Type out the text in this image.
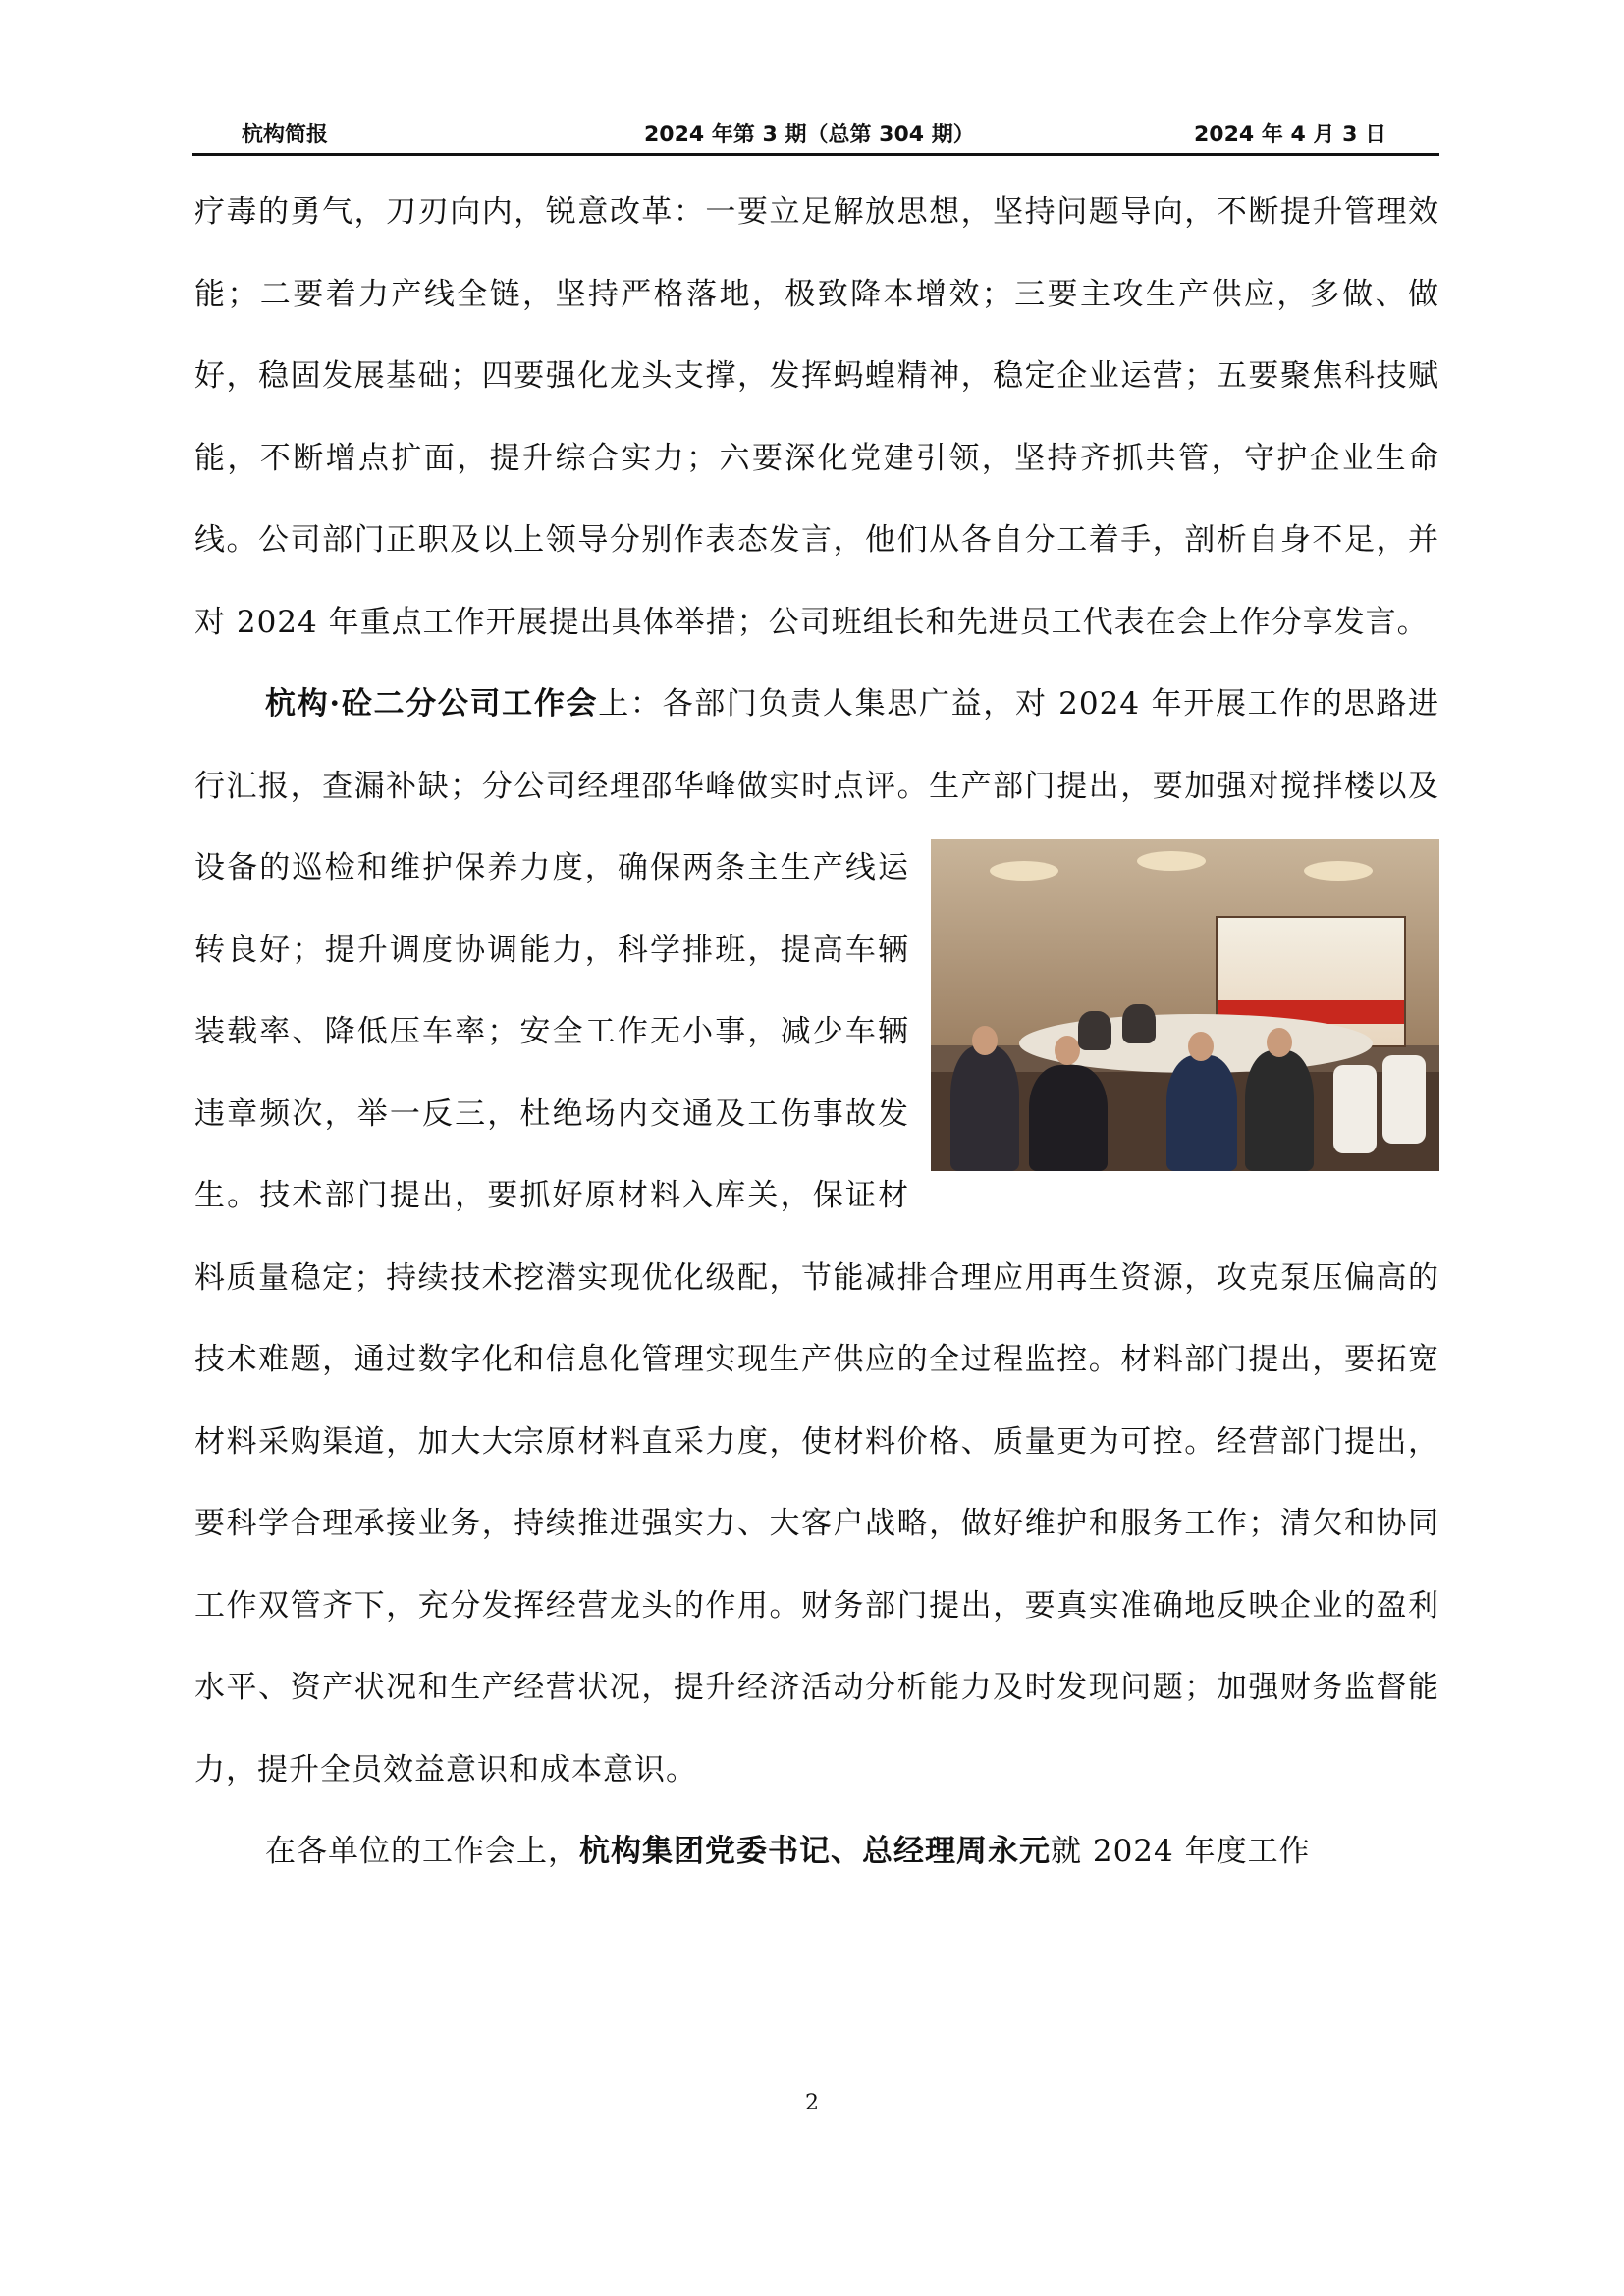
杭构简报	2024 年第 3 期（总第 304 期）	2024 年 4 月 3 日

疗毒的勇气，刀刃向内，锐意改革：一要立足解放思想，坚持问题导向，不断提升管理效能；二要着力产线全链，坚持严格落地，极致降本增效；三要主攻生产供应，多做、做好，稳固发展基础；四要强化龙头支撑，发挥蚂蝗精神，稳定企业运营；五要聚焦科技赋能，不断增点扩面，提升综合实力；六要深化党建引领，坚持齐抓共管，守护企业生命线。公司部门正职及以上领导分别作表态发言，他们从各自分工着手，剖析自身不足，并对 2024 年重点工作开展提出具体举措；公司班组长和先进员工代表在会上作分享发言。

杭构·砼二分公司工作会上：各部门负责人集思广益，对 2024 年开展工作的思路进行汇报，查漏补缺；分公司经理邵华峰做实时点评。生产部门提出，要
加强对搅拌楼以及设备的巡检和维护保养力度，确保两条主生产线运转良好；提升调度协调能力，科学排班，提高车辆装载率、降低压车率；安全工作无小事，减少车辆违章频次，举一反三，杜绝场内交通及工伤事故发生。技术部门提出，要抓好原材料入库关，保证材料质量稳定；持续技术挖潜实现优化级配，节能减排合理应用再生资源，攻克泵压偏高的技术难题，通过数字化和信息化管理实现生产供应的全过程监控。材料部门提出，要拓宽材料采购渠道，加大大宗原材料直采力度，使材料价格、质量更为可控。经营部门提出，要科学合理承接业务，持续推进强实力、大客户战略，做好维护和服务工作；清欠和协同工作双管齐下，充分发挥经营龙头的作用。财务部门提出，要真实准确地反映企业的盈利水平、资产状况和生产经营状况，提升经济活动分析能力及时发现问题；加强财务监督能力，提升全员效益意识和成本意识。

在各单位的工作会上，杭构集团党委书记、总经理周永元就 2024 年度工作

2
